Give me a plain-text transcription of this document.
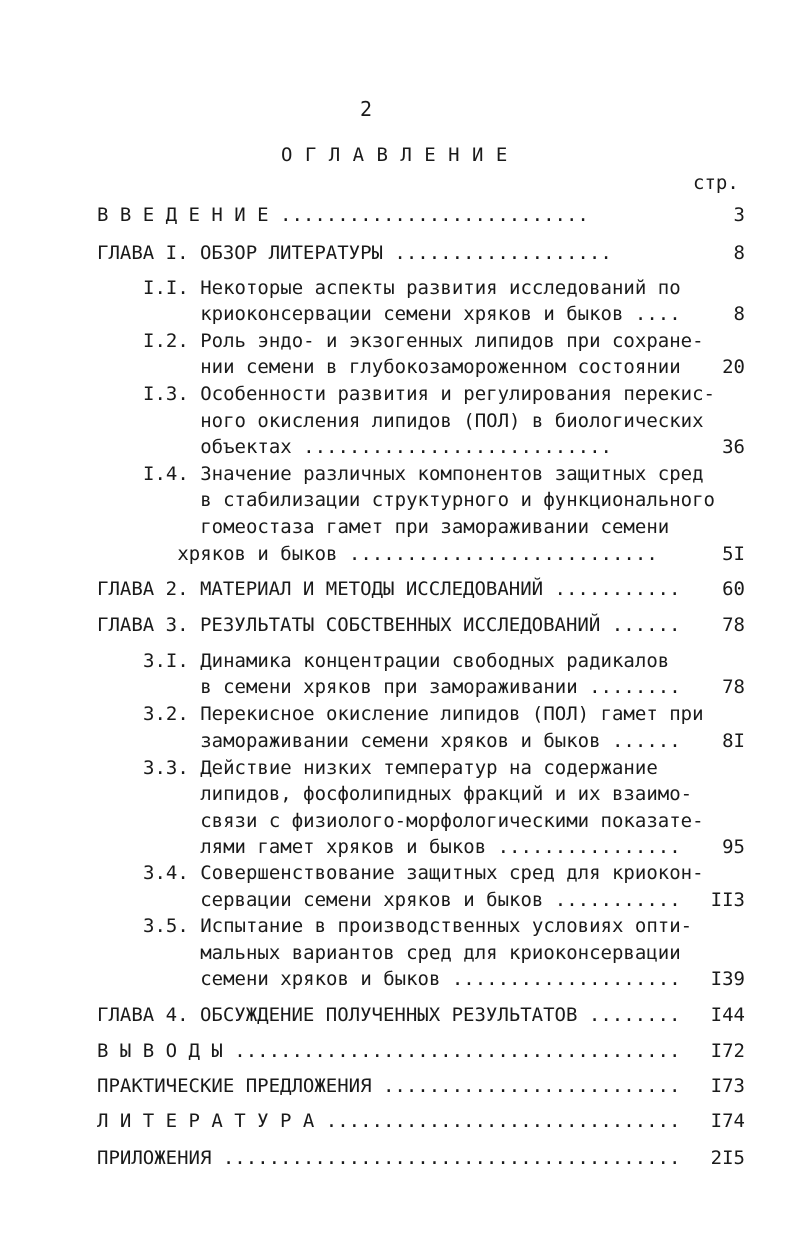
2
О Г Л А В Л Е Н И Е
стр.
В В Е Д Е Н И Е ...........................	3
ГЛАВА I. ОБЗОР ЛИТЕРАТУРЫ ...................	8
I.I. Некоторые аспекты развития исследований по
криоконсервации семени хряков и быков ....	8
I.2. Роль эндо- и экзогенных липидов при сохране-
нии семени в глубокозамороженном состоянии	20
I.3. Особенности развития и регулирования перекис-
ного окисления липидов (ПОЛ) в биологических
объектах ...........................	36
I.4. Значение различных компонентов защитных сред
в стабилизации структурного и функционального
гомеостаза гамет при замораживании семени
хряков и быков ...........................	5I
ГЛАВА 2. МАТЕРИАЛ И МЕТОДЫ ИССЛЕДОВАНИЙ ...........	60
ГЛАВА 3. РЕЗУЛЬТАТЫ СОБСТВЕННЫХ ИССЛЕДОВАНИЙ ......	78
3.I. Динамика концентрации свободных радикалов
в семени хряков при замораживании ........	78
3.2. Перекисное окисление липидов (ПОЛ) гамет при
замораживании семени хряков и быков ......	8I
3.3. Действие низких температур на содержание
липидов, фосфолипидных фракций и их взаимо-
связи с физиолого-морфологическими показате-
лями гамет хряков и быков ................	95
3.4. Совершенствование защитных сред для криокон-
сервации семени хряков и быков ...........	II3
3.5. Испытание в производственных условиях опти-
мальных вариантов сред для криоконсервации
семени хряков и быков ....................	I39
ГЛАВА 4. ОБСУЖДЕНИЕ ПОЛУЧЕННЫХ РЕЗУЛЬТАТОВ ........	I44
В Ы В О Д Ы .......................................	I72
ПРАКТИЧЕСКИЕ ПРЕДЛОЖЕНИЯ ..........................	I73
Л И Т Е Р А Т У Р А ...............................	I74
ПРИЛОЖЕНИЯ ........................................	2I5
